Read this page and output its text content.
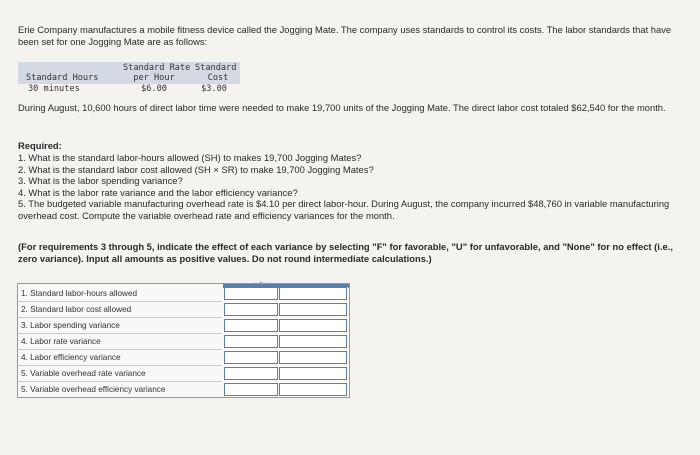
Erie Company manufactures a mobile fitness device called the Jogging Mate. The company uses standards to control its costs. The labor standards that have been set for one Jogging Mate are as follows:
Standard Hours
Standard Rate
per Hour
Standard
Cost
30 minutes	$6.00	$3.00
During August, 10,600 hours of direct labor time were needed to make 19,700 units of the Jogging Mate. The direct labor cost totaled $62,540 for the month.
Required:
1. What is the standard labor-hours allowed (SH) to makes 19,700 Jogging Mates?
2. What is the standard labor cost allowed (SH × SR) to make 19,700 Jogging Mates?
3. What is the labor spending variance?
4. What is the labor rate variance and the labor efficiency variance?
5. The budgeted variable manufacturing overhead rate is $4.10 per direct labor-hour. During August, the company incurred $48,760 in variable manufacturing overhead cost. Compute the variable overhead rate and efficiency variances for the month.
(For requirements 3 through 5, indicate the effect of each variance by selecting "F" for favorable, "U" for unfavorable, and "None" for no effect (i.e., zero variance). Input all amounts as positive values. Do not round intermediate calculations.)
1. Standard labor-hours allowed
2. Standard labor cost allowed
3. Labor spending variance
4. Labor rate variance
4. Labor efficiency variance
5. Variable overhead rate variance
5. Variable overhead efficiency variance
